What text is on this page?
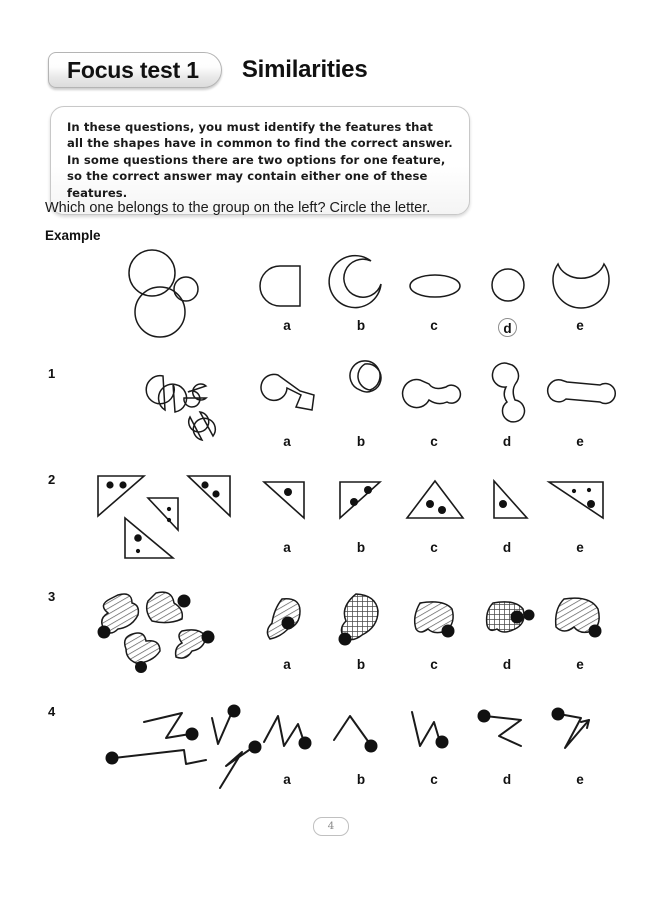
Focus test 1	Similarities

In these questions, you must identify the features that all the shapes have in common to find the correct answer. In some questions there are two options for one feature, so the correct answer may contain either one of these features.

Which one belongs to the group on the left? Circle the letter.
Example
a	b	c	d	e
1
a	b	c	d	e
2
a	b	c	d	e
3
a	b	c	d	e
4
a	b	c	d	e
4
